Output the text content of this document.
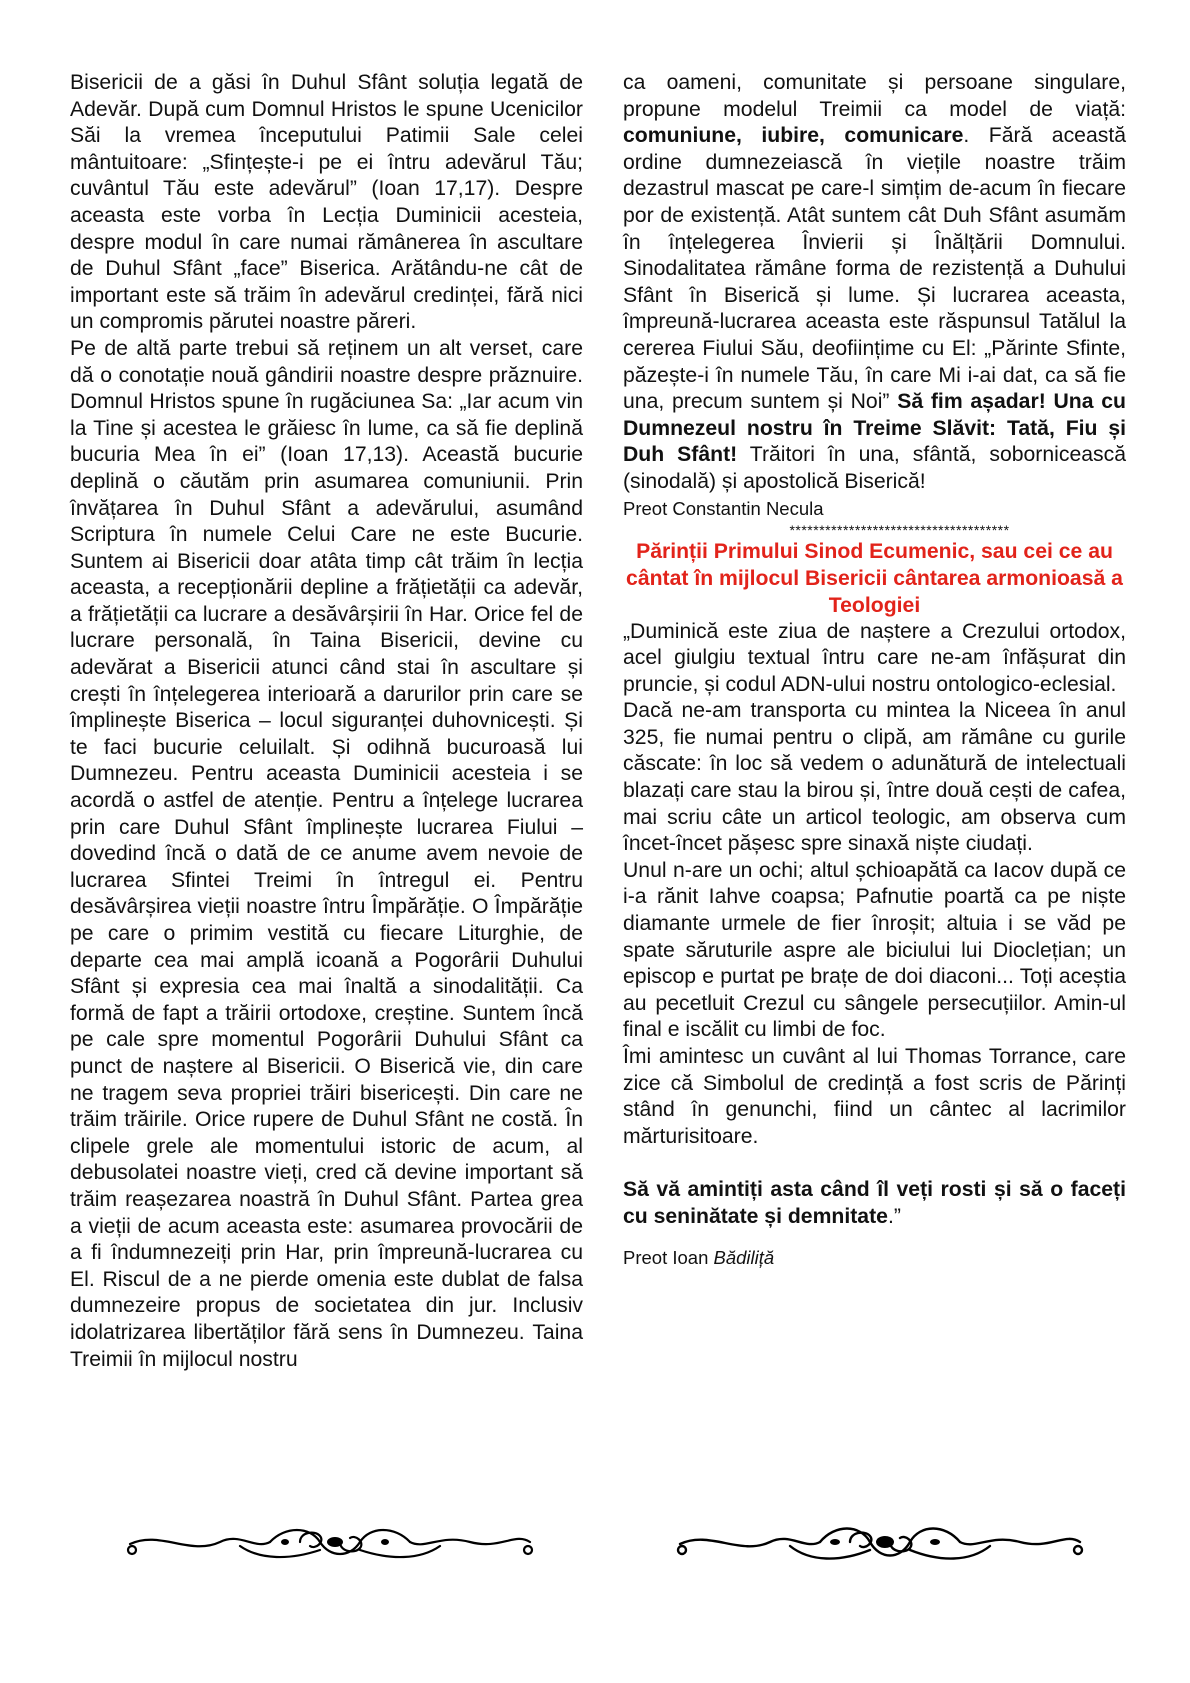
Bisericii de a găsi în Duhul Sfânt soluția legată de Adevăr. După cum Domnul Hristos le spune Ucenicilor Săi la vremea începutului Patimii Sale celei mântuitoare: „Sfințește-i pe ei întru adevărul Tău; cuvântul Tău este adevărul” (Ioan 17,17). Despre aceasta este vorba în Lecția Duminicii acesteia, despre modul în care numai rămânerea în ascultare de Duhul Sfânt „face” Biserica. Arătându-ne cât de important este să trăim în adevărul credinței, fără nici un compromis părutei noastre păreri.

Pe de altă parte trebui să reținem un alt verset, care dă o conotație nouă gândirii noastre despre prăznuire. Domnul Hristos spune în rugăciunea Sa: „Iar acum vin la Tine și acestea le grăiesc în lume, ca să fie deplină bucuria Mea în ei” (Ioan 17,13). Această bucurie deplină o căutăm prin asumarea comuniunii. Prin învățarea în Duhul Sfânt a adevărului, asumând Scriptura în numele Celui Care ne este Bucurie. Suntem ai Bisericii doar atâta timp cât trăim în lecția aceasta, a recepționării depline a frățietății ca adevăr, a frățietății ca lucrare a desăvârșirii în Har. Orice fel de lucrare personală, în Taina Bisericii, devine cu adevărat a Bisericii atunci când stai în ascultare și crești în înțelegerea interioară a darurilor prin care se împlinește Biserica – locul siguranței duhovnicești. Și te faci bucurie celuilalt. Și odihnă bucuroasă lui Dumnezeu. Pentru aceasta Duminicii acesteia i se acordă o astfel de atenție. Pentru a înțelege lucrarea prin care Duhul Sfânt împlinește lucrarea Fiului – dovedind încă o dată de ce anume avem nevoie de lucrarea Sfintei Treimi în întregul ei. Pentru desăvârșirea vieții noastre întru Împărăție. O Împărăție pe care o primim vestită cu fiecare Liturghie, de departe cea mai amplă icoană a Pogorârii Duhului Sfânt și expresia cea mai înaltă a sinodalității. Ca formă de fapt a trăirii ortodoxe, creștine. Suntem încă pe cale spre momentul Pogorârii Duhului Sfânt ca punct de naștere al Bisericii. O Biserică vie, din care ne tragem seva propriei trăiri bisericești. Din care ne trăim trăirile. Orice rupere de Duhul Sfânt ne costă. În clipele grele ale momentului istoric de acum, al debusolatei noastre vieți, cred că devine important să trăim reașezarea noastră în Duhul Sfânt. Partea grea a vieții de acum aceasta este: asumarea provocării de a fi îndumnezeiți prin Har, prin împreună-lucrarea cu El. Riscul de a ne pierde omenia este dublat de falsa dumnezeire propus de societatea din jur. Inclusiv idolatrizarea libertăților fără sens în Dumnezeu. Taina Treimii în mijlocul nostru

ca oameni, comunitate și persoane singulare, propune modelul Treimii ca model de viață: comuniune, iubire, comunicare. Fără această ordine dumnezeiască în viețile noastre trăim dezastrul mascat pe care-l simțim de-acum în fiecare por de existență. Atât suntem cât Duh Sfânt asumăm în înțelegerea Învierii și Înălțării Domnului. Sinodalitatea rămâne forma de rezistență a Duhului Sfânt în Biserică și lume. Și lucrarea aceasta, împreună-lucrarea aceasta este răspunsul Tatălul la cererea Fiului Său, deoființime cu El: „Părinte Sfinte, păzește-i în numele Tău, în care Mi i-ai dat, ca să fie una, precum suntem și Noi” Să fim așadar! Una cu Dumnezeul nostru în Treime Slăvit: Tată, Fiu și Duh Sfânt! Trăitori în una, sfântă, sobornicească (sinodală) și apostolică Biserică!

Preot Constantin Necula

*************************************

Părinții Primului Sinod Ecumenic, sau cei ce au cântat în mijlocul Bisericii cântarea armonioasă a Teologiei

„Duminică este ziua de naștere a Crezului ortodox, acel giulgiu textual întru care ne-am înfășurat din pruncie, și codul ADN-ului nostru ontologico-eclesial.

Dacă ne-am transporta cu mintea la Niceea în anul 325, fie numai pentru o clipă, am rămâne cu gurile căscate: în loc să vedem o adunătură de intelectuali blazați care stau la birou și, între două cești de cafea, mai scriu câte un articol teologic, am observa cum încet-încet pășesc spre sinaxă niște ciudați.

Unul n-are un ochi; altul șchioapătă ca Iacov după ce i-a rănit Iahve coapsa; Pafnutie poartă ca pe niște diamante urmele de fier înroșit; altuia i se văd pe spate săruturile aspre ale biciului lui Dioclețian; un episcop e purtat pe brațe de doi diaconi... Toți aceștia au pecetluit Crezul cu sângele persecuțiilor. Amin-ul final e iscălit cu limbi de foc.

Îmi amintesc un cuvânt al lui Thomas Torrance, care zice că Simbolul de credință a fost scris de Părinți stând în genunchi, fiind un cântec al lacrimilor mărturisitoare.

Să vă amintiți asta când îl veți rosti și să o faceți cu seninătate și demnitate.”

Preot Ioan Bădiliță
